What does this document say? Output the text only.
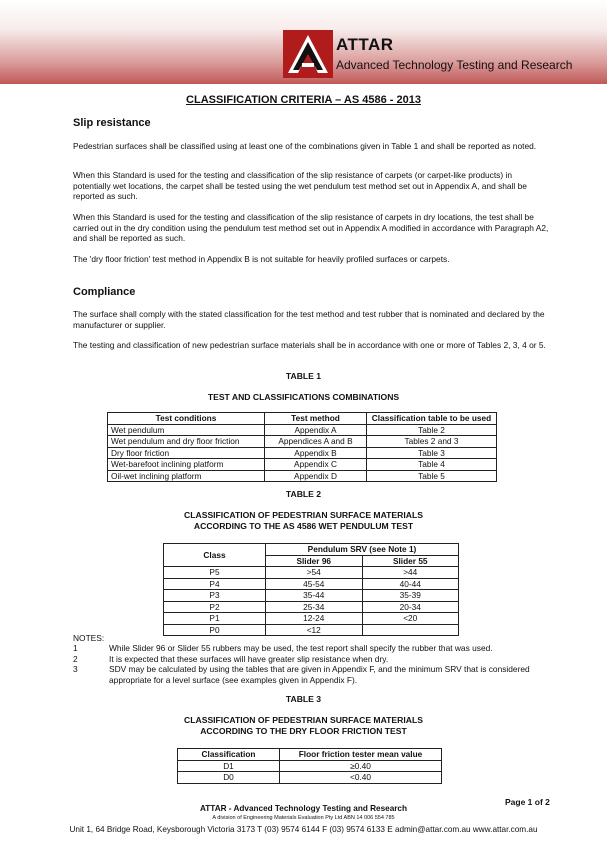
ATTAR
Advanced Technology Testing and Research
CLASSIFICATION CRITERIA – AS 4586 - 2013
Slip resistance

Pedestrian surfaces shall be classified using at least one of the combinations given in Table 1 and shall be reported as noted.

When this Standard is used for the testing and classification of the slip resistance of carpets (or carpet-like products) in potentially wet locations, the carpet shall be tested using the wet pendulum test method set out in Appendix A, and shall be reported as such.

When this Standard is used for the testing and classification of the slip resistance of carpets in dry locations, the test shall be carried out in the dry condition using the pendulum test method set out in Appendix A modified in accordance with Paragraph A2, and shall be reported as such.

The 'dry floor friction' test method in Appendix B is not suitable for heavily profiled surfaces or carpets.

Compliance

The surface shall comply with the stated classification for the test method and test rubber that is nominated and declared by the manufacturer or supplier.

The testing and classification of new pedestrian surface materials shall be in accordance with one or more of Tables 2, 3, 4 or 5.

TABLE 1
TEST AND CLASSIFICATIONS COMBINATIONS
Test conditions	Test method	Classification table to be used
Wet pendulum	Appendix A	Table 2
Wet pendulum and dry floor friction	Appendices A and B	Tables 2 and 3
Dry floor friction	Appendix B	Table 3
Wet-barefoot inclining platform	Appendix C	Table 4
Oil-wet inclining platform	Appendix D	Table 5
TABLE 2
CLASSIFICATION OF PEDESTRIAN SURFACE MATERIALS
ACCORDING TO THE AS 4586 WET PENDULUM TEST
Class	Pendulum SRV (see Note 1)	
	Slider 96	Slider 55
P5	>54	>44
P4	45-54	40-44
P3	35-44	35-39
P2	25-34	20-34
P1	12-24	<20
P0	<12	
NOTES:
1	While Slider 96 or Slider 55 rubbers may be used, the test report shall specify the rubber that was used.
2	It is expected that these surfaces will have greater slip resistance when dry.
3	SDV may be calculated by using the tables that are given in Appendix F, and the minimum SRV that is considered appropriate for a level surface (see examples given in Appendix F).
TABLE 3
CLASSIFICATION OF PEDESTRIAN SURFACE MATERIALS
ACCORDING TO THE DRY FLOOR FRICTION TEST
Classification	Floor friction tester mean value
D1	≥0.40
D0	<0.40
Page 1 of 2
ATTAR - Advanced Technology Testing and Research
A division of Engineering Materials Evaluation Pty Ltd ABN 14 006 554 785
Unit 1, 64 Bridge Road, Keysborough Victoria 3173 T (03) 9574 6144 F (03) 9574 6133 E admin@attar.com.au www.attar.com.au
